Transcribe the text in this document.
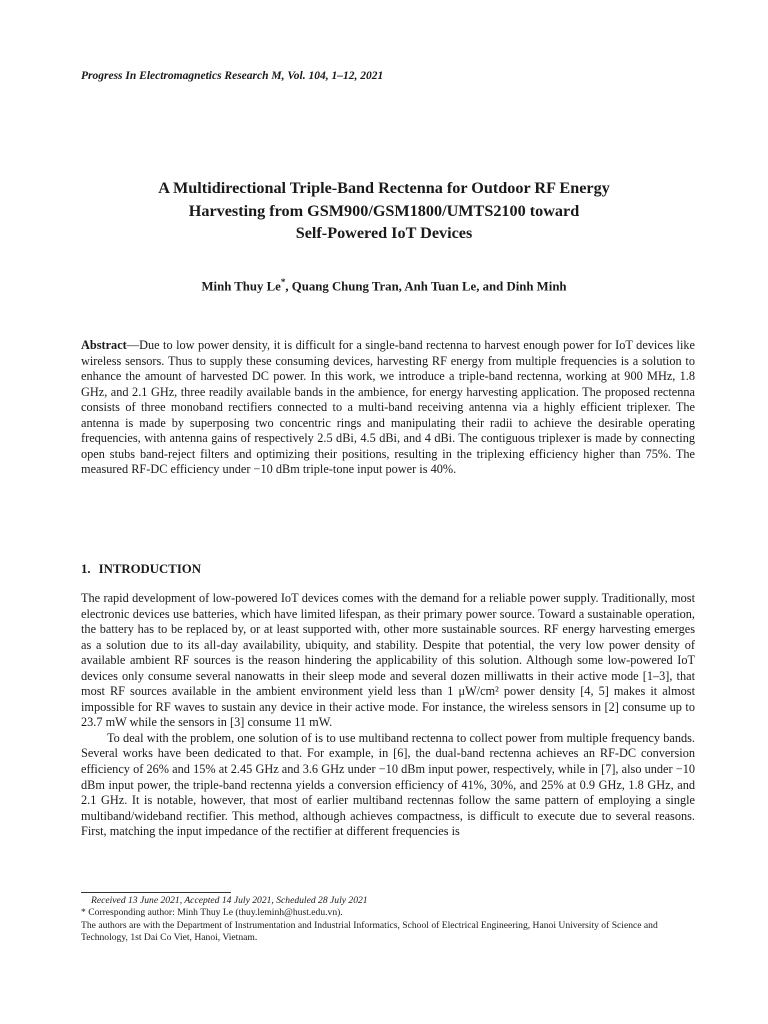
Progress In Electromagnetics Research M, Vol. 104, 1–12, 2021
A Multidirectional Triple-Band Rectenna for Outdoor RF Energy
Harvesting from GSM900/GSM1800/UMTS2100 toward
Self-Powered IoT Devices
Minh Thuy Le*, Quang Chung Tran, Anh Tuan Le, and Dinh Minh
Abstract—Due to low power density, it is difficult for a single-band rectenna to harvest enough power for IoT devices like wireless sensors. Thus to supply these consuming devices, harvesting RF energy from multiple frequencies is a solution to enhance the amount of harvested DC power. In this work, we introduce a triple-band rectenna, working at 900 MHz, 1.8 GHz, and 2.1 GHz, three readily available bands in the ambience, for energy harvesting application. The proposed rectenna consists of three monoband rectifiers connected to a multi-band receiving antenna via a highly efficient triplexer. The antenna is made by superposing two concentric rings and manipulating their radii to achieve the desirable operating frequencies, with antenna gains of respectively 2.5 dBi, 4.5 dBi, and 4 dBi. The contiguous triplexer is made by connecting open stubs band-reject filters and optimizing their positions, resulting in the triplexing efficiency higher than 75%. The measured RF-DC efficiency under −10 dBm triple-tone input power is 40%.
1. INTRODUCTION

The rapid development of low-powered IoT devices comes with the demand for a reliable power supply. Traditionally, most electronic devices use batteries, which have limited lifespan, as their primary power source. Toward a sustainable operation, the battery has to be replaced by, or at least supported with, other more sustainable sources. RF energy harvesting emerges as a solution due to its all-day availability, ubiquity, and stability. Despite that potential, the very low power density of available ambient RF sources is the reason hindering the applicability of this solution. Although some low-powered IoT devices only consume several nanowatts in their sleep mode and several dozen milliwatts in their active mode [1–3], that most RF sources available in the ambient environment yield less than 1 μW/cm² power density [4, 5] makes it almost impossible for RF waves to sustain any device in their active mode. For instance, the wireless sensors in [2] consume up to 23.7 mW while the sensors in [3] consume 11 mW.

To deal with the problem, one solution of is to use multiband rectenna to collect power from multiple frequency bands. Several works have been dedicated to that. For example, in [6], the dual-band rectenna achieves an RF-DC conversion efficiency of 26% and 15% at 2.45 GHz and 3.6 GHz under −10 dBm input power, respectively, while in [7], also under −10 dBm input power, the triple-band rectenna yields a conversion efficiency of 41%, 30%, and 25% at 0.9 GHz, 1.8 GHz, and 2.1 GHz. It is notable, however, that most of earlier multiband rectennas follow the same pattern of employing a single multiband/wideband rectifier. This method, although achieves compactness, is difficult to execute due to several reasons. First, matching the input impedance of the rectifier at different frequencies is

Received 13 June 2021, Accepted 14 July 2021, Scheduled 28 July 2021
* Corresponding author: Minh Thuy Le (thuy.leminh@hust.edu.vn).
The authors are with the Department of Instrumentation and Industrial Informatics, School of Electrical Engineering, Hanoi University of Science and Technology, 1st Dai Co Viet, Hanoi, Vietnam.
